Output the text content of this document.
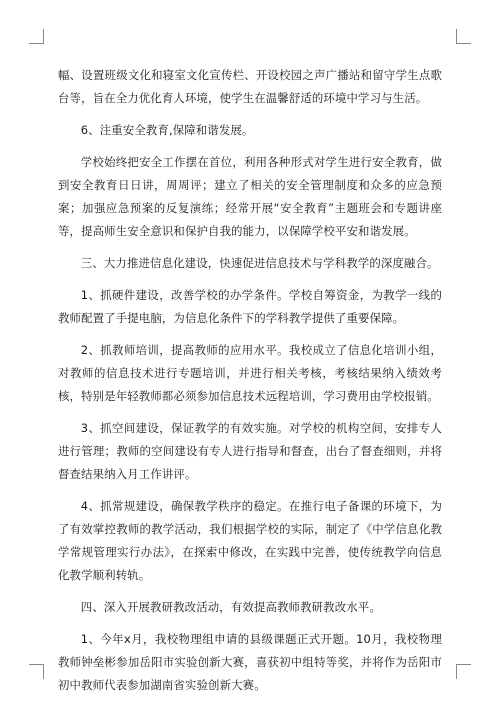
幅、设置班级文化和寝室文化宣传栏、开设校园之声广播站和留守学生点歌台等，旨在全力优化育人环境，使学生在温馨舒适的环境中学习与生活。

6、注重安全教育,保障和谐发展。

学校始终把安全工作摆在首位，利用各种形式对学生进行安全教育，做到安全教育日日讲，周周评；建立了相关的安全管理制度和众多的应急预案；加强应急预案的反复演练；经常开展“安全教育”主题班会和专题讲座等，提高师生安全意识和保护自我的能力，以保障学校平安和谐发展。

三、大力推进信息化建设，快速促进信息技术与学科教学的深度融合。

1、抓硬件建设，改善学校的办学条件。学校自筹资金，为教学一线的教师配置了手提电脑，为信息化条件下的学科教学提供了重要保障。

2、抓教师培训，提高教师的应用水平。我校成立了信息化培训小组，对教师的信息技术进行专题培训，并进行相关考核，考核结果纳入绩效考核，特别是年轻教师都必须参加信息技术远程培训，学习费用由学校报销。

3、抓空间建设，保证教学的有效实施。对学校的机构空间，安排专人进行管理；教师的空间建设有专人进行指导和督查，出台了督查细则，并将督查结果纳入月工作讲评。

4、抓常规建设，确保教学秩序的稳定。在推行电子备课的环境下，为了有效掌控教师的教学活动，我们根据学校的实际，制定了《中学信息化教学常规管理实行办法》，在探索中修改，在实践中完善，使传统教学向信息化教学顺利转轨。

四、深入开展教研教改活动，有效提高教师教研教改水平。

1、今年x月，我校物理组申请的县级课题正式开题。10月，我校物理教师钟垒彬参加岳阳市实验创新大赛，喜获初中组特等奖，并将作为岳阳市初中教师代表参加湖南省实验创新大赛。
